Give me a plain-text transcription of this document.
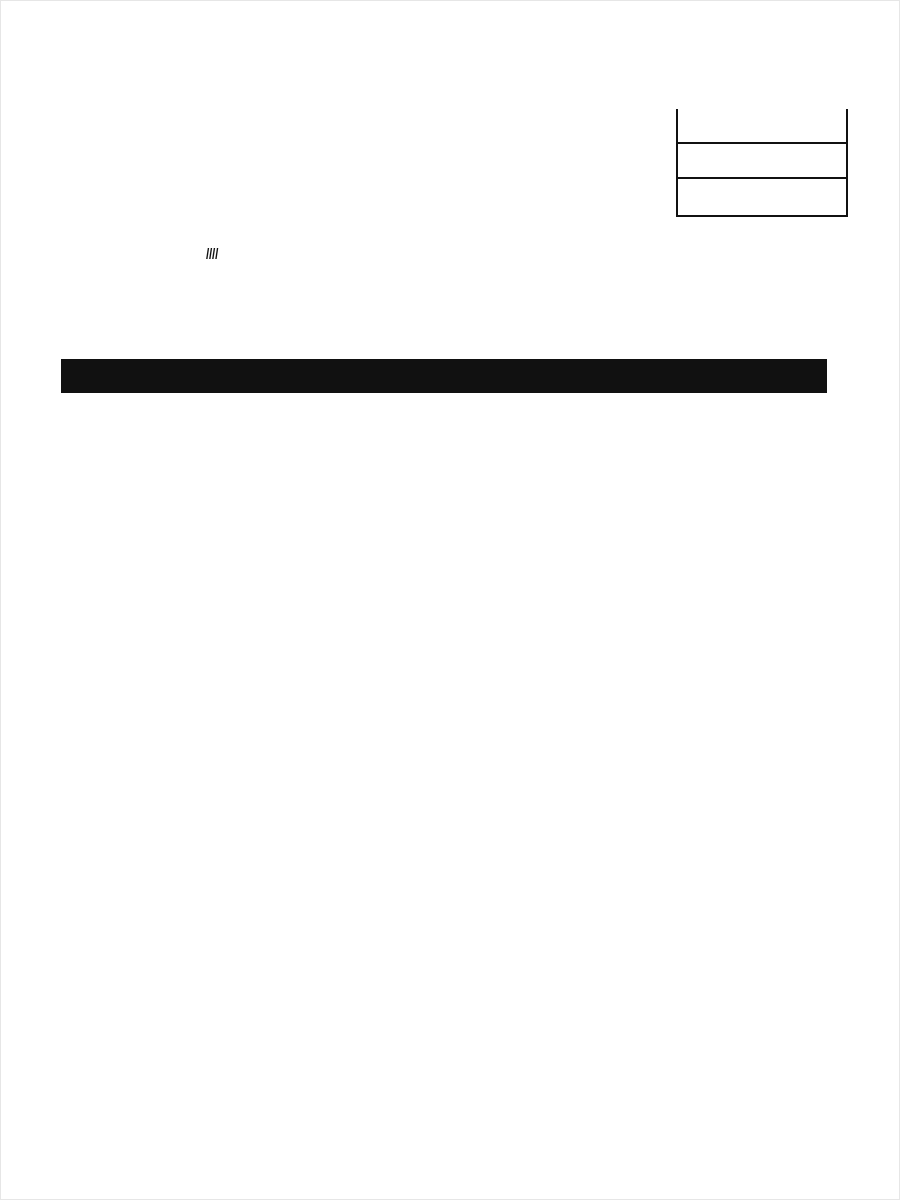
////
